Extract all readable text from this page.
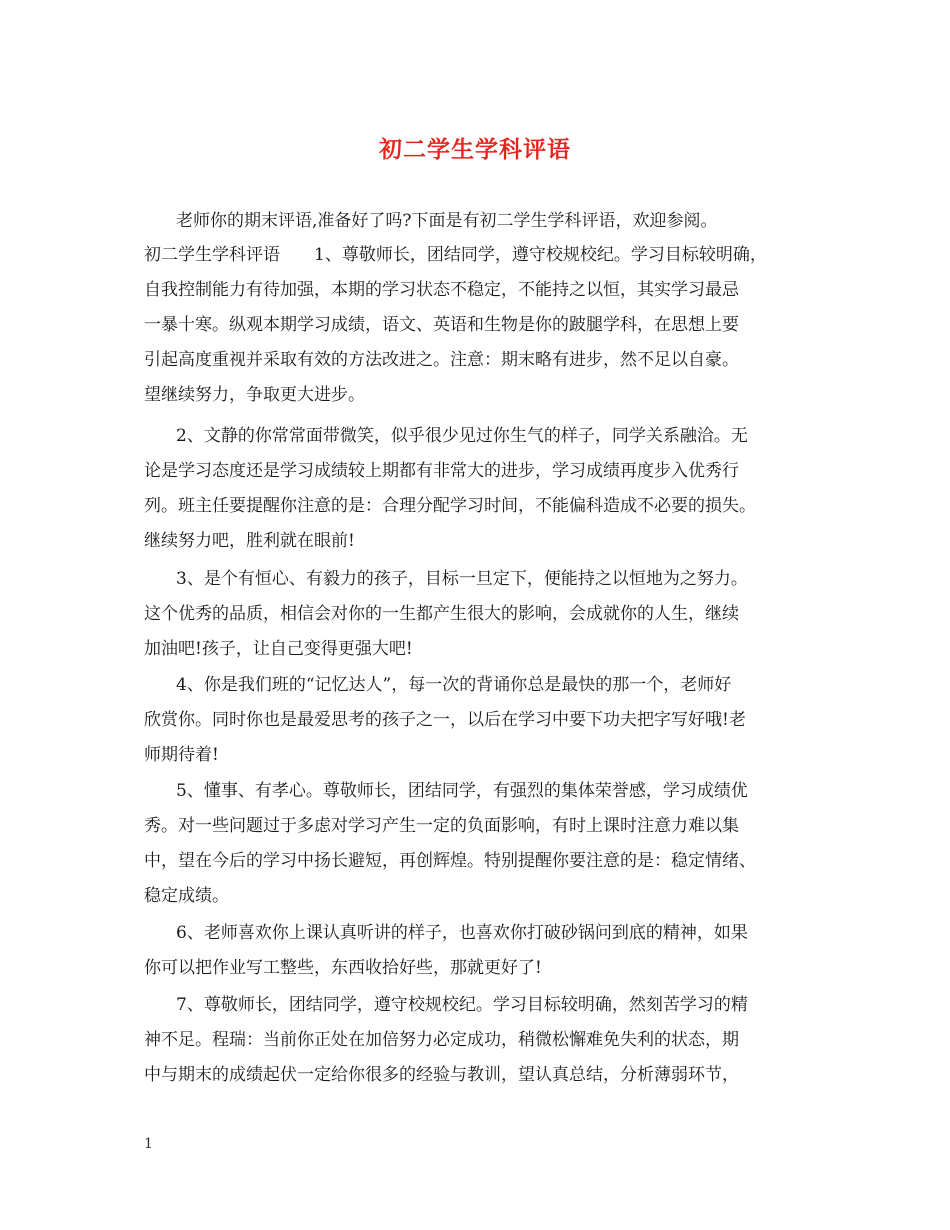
初二学生学科评语
老师你的期末评语,准备好了吗?下面是有初二学生学科评语，欢迎参阅。
初二学生学科评语　　1、尊敬师长，团结同学，遵守校规校纪。学习目标较明确，
自我控制能力有待加强，本期的学习状态不稳定，不能持之以恒，其实学习最忌
一暴十寒。纵观本期学习成绩，语文、英语和生物是你的跛腿学科，在思想上要
引起高度重视并采取有效的方法改进之。注意：期末略有进步，然不足以自豪。
望继续努力，争取更大进步。
2、文静的你常常面带微笑，似乎很少见过你生气的样子，同学关系融洽。无
论是学习态度还是学习成绩较上期都有非常大的进步，学习成绩再度步入优秀行
列。班主任要提醒你注意的是：合理分配学习时间，不能偏科造成不必要的损失。
继续努力吧，胜利就在眼前!
3、是个有恒心、有毅力的孩子，目标一旦定下，便能持之以恒地为之努力。
这个优秀的品质，相信会对你的一生都产生很大的影响，会成就你的人生，继续
加油吧!孩子，让自己变得更强大吧!
4、你是我们班的“记忆达人”，每一次的背诵你总是最快的那一个，老师好
欣赏你。同时你也是最爱思考的孩子之一，以后在学习中要下功夫把字写好哦!老
师期待着!
5、懂事、有孝心。尊敬师长，团结同学，有强烈的集体荣誉感，学习成绩优
秀。对一些问题过于多虑对学习产生一定的负面影响，有时上课时注意力难以集
中，望在今后的学习中扬长避短，再创辉煌。特别提醒你要注意的是：稳定情绪、
稳定成绩。
6、老师喜欢你上课认真听讲的样子，也喜欢你打破砂锅问到底的精神，如果
你可以把作业写工整些，东西收拾好些，那就更好了!
7、尊敬师长，团结同学，遵守校规校纪。学习目标较明确，然刻苦学习的精
神不足。程瑞：当前你正处在加倍努力必定成功，稍微松懈难免失利的状态，期
中与期末的成绩起伏一定给你很多的经验与教训，望认真总结，分析薄弱环节，
1
